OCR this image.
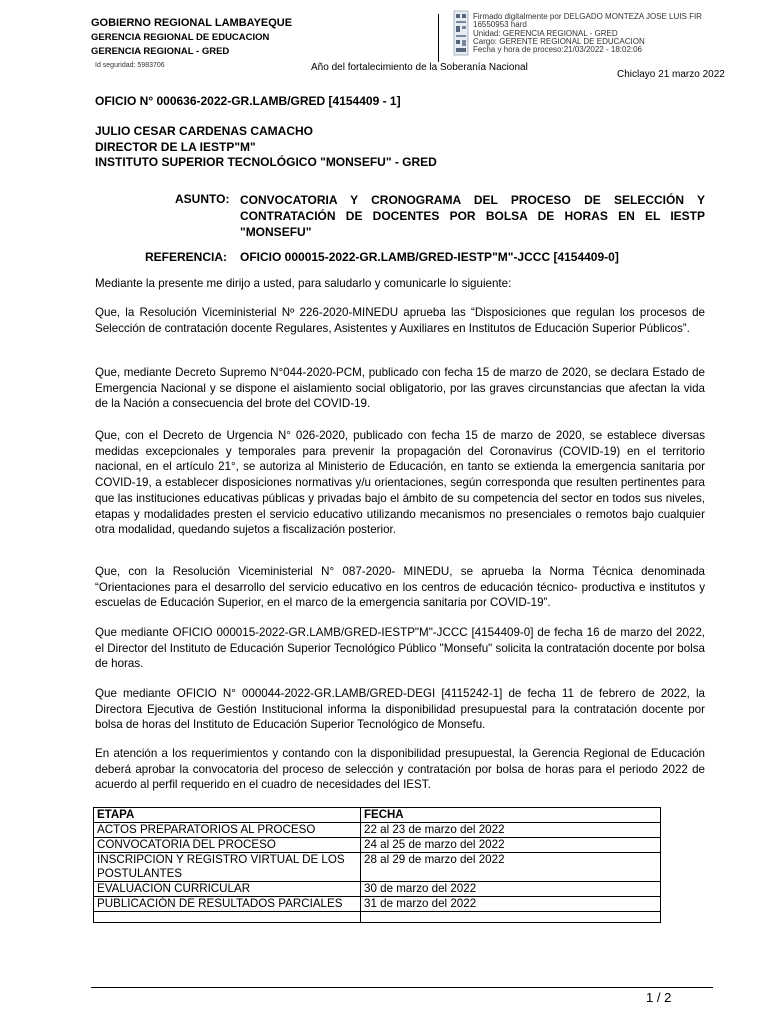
GOBIERNO REGIONAL LAMBAYEQUE
GERENCIA REGIONAL DE EDUCACION
GERENCIA REGIONAL - GRED
Firmado digitalmente por DELGADO MONTEZA JOSE LUIS FIR
16550953 hard
Unidad: GERENCIA REGIONAL - GRED
Cargo: GERENTE REGIONAL DE EDUCACION
Fecha y hora de proceso:21/03/2022 - 18:02:06
Id seguridad: 5983706	Año del fortalecimiento de la Soberanía Nacional
Chiclayo 21 marzo 2022
OFICIO N° 000636-2022-GR.LAMB/GRED [4154409 - 1]
JULIO CESAR CARDENAS CAMACHO
DIRECTOR DE LA IESTP"M"
INSTITUTO SUPERIOR TECNOLÓGICO "MONSEFU" - GRED
ASUNTO: CONVOCATORIA Y CRONOGRAMA DEL PROCESO DE SELECCIÓN Y CONTRATACIÓN DE DOCENTES POR BOLSA DE HORAS EN EL IESTP "MONSEFU"
REFERENCIA: OFICIO 000015-2022-GR.LAMB/GRED-IESTP"M"-JCCC [4154409-0]
Mediante la presente me dirijo a usted, para saludarlo y comunicarle lo siguiente:
Que, la Resolución Viceministerial Nº 226-2020-MINEDU aprueba las “Disposiciones que regulan los procesos de Selección de contratación docente Regulares, Asistentes y Auxiliares en Institutos de Educación Superior Públicos”.
Que, mediante Decreto Supremo N°044-2020-PCM, publicado con fecha 15 de marzo de 2020, se declara Estado de Emergencia Nacional y se dispone el aislamiento social obligatorio, por las graves circunstancias que afectan la vida de la Nación a consecuencia del brote del COVID-19.
Que, con el Decreto de Urgencia N° 026-2020, publicado con fecha 15 de marzo de 2020, se establece diversas medidas excepcionales y temporales para prevenir la propagación del Coronavirus (COVID-19) en el territorio nacional, en el artículo 21°, se autoriza al Ministerio de Educación, en tanto se extienda la emergencia sanitaria por COVID-19, a establecer disposiciones normativas y/u orientaciones, según corresponda que resulten pertinentes para que las instituciones educativas públicas y privadas bajo el ámbito de su competencia del sector en todos sus niveles, etapas y modalidades presten el servicio educativo utilizando mecanismos no presenciales o remotos bajo cualquier otra modalidad, quedando sujetos a fiscalización posterior.
Que, con la Resolución Viceministerial N° 087-2020- MINEDU, se aprueba la Norma Técnica denominada “Orientaciones para el desarrollo del servicio educativo en los centros de educación técnico- productiva e institutos y escuelas de Educación Superior, en el marco de la emergencia sanitaria por COVID-19”.
Que mediante OFICIO 000015-2022-GR.LAMB/GRED-IESTP"M"-JCCC [4154409-0] de fecha 16 de marzo del 2022, el Director del Instituto de Educación Superior Tecnológico Público "Monsefu" solicita la contratación docente por bolsa de horas.
Que mediante OFICIO N° 000044-2022-GR.LAMB/GRED-DEGI [4115242-1] de fecha 11 de febrero de 2022, la Directora Ejecutiva de Gestión Institucional informa la disponibilidad presupuestal para la contratación docente por bolsa de horas del Instituto de Educación Superior Tecnológico de Monsefu.
En atención a los requerimientos y contando con la disponibilidad presupuestal, la Gerencia Regional de Educación deberá aprobar la convocatoria del proceso de selección y contratación por bolsa de horas para el periodo 2022 de acuerdo al perfil requerido en el cuadro de necesidades del IEST.
ETAPA	FECHA
ACTOS PREPARATORIOS AL PROCESO	22 al 23 de marzo del 2022
CONVOCATORIA DEL PROCESO	24 al 25 de marzo del 2022
INSCRIPCION Y REGISTRO VIRTUAL DE LOS POSTULANTES	28 al 29 de marzo del 2022
EVALUACION CURRICULAR	30 de marzo del 2022
PUBLICACIÓN DE RESULTADOS PARCIALES	31 de marzo del 2022

1 / 2
